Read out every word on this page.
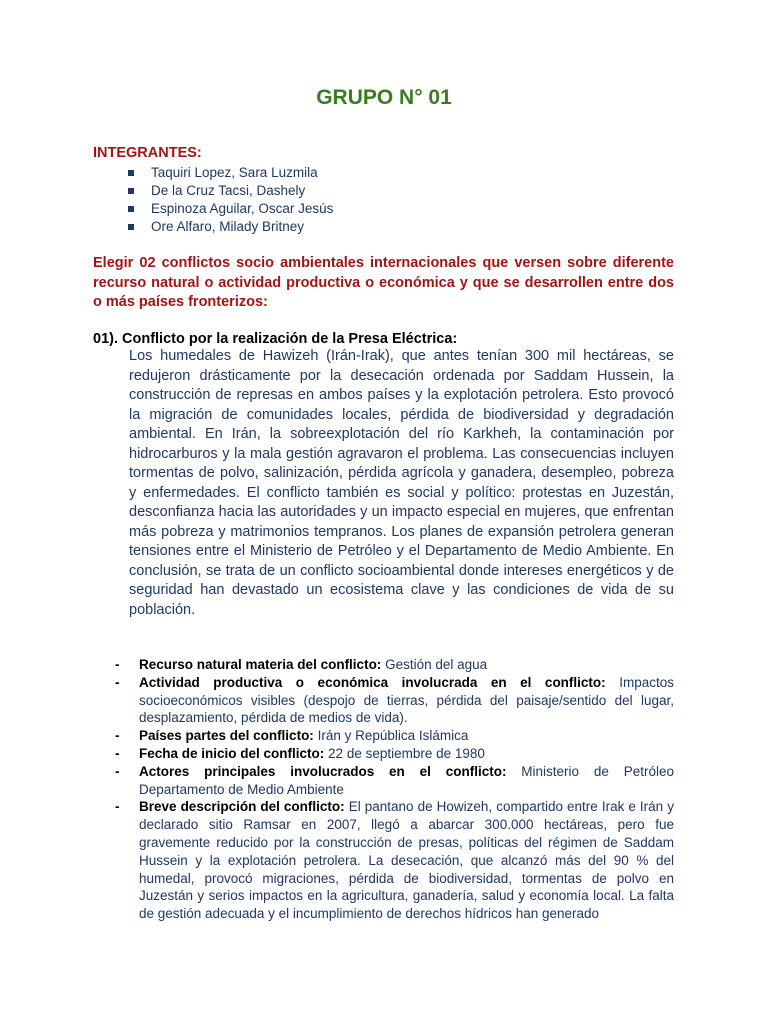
GRUPO N° 01
INTEGRANTES:
Taquiri Lopez, Sara Luzmila
De la Cruz Tacsi, Dashely
Espinoza Aguilar, Oscar Jesús
Ore Alfaro, Milady Britney

Elegir 02 conflictos socio ambientales internacionales que versen sobre diferente recurso natural o actividad productiva o económica y que se desarrollen entre dos o más países fronterizos:

01). Conflicto por la realización de la Presa Eléctrica:

Los humedales de Hawizeh (Irán-Irak), que antes tenían 300 mil hectáreas, se redujeron drásticamente por la desecación ordenada por Saddam Hussein, la construcción de represas en ambos países y la explotación petrolera. Esto provocó la migración de comunidades locales, pérdida de biodiversidad y degradación ambiental. En Irán, la sobreexplotación del río Karkheh, la contaminación por hidrocarburos y la mala gestión agravaron el problema. Las consecuencias incluyen tormentas de polvo, salinización, pérdida agrícola y ganadera, desempleo, pobreza y enfermedades. El conflicto también es social y político: protestas en Juzestán, desconfianza hacia las autoridades y un impacto especial en mujeres, que enfrentan más pobreza y matrimonios tempranos. Los planes de expansión petrolera generan tensiones entre el Ministerio de Petróleo y el Departamento de Medio Ambiente. En conclusión, se trata de un conflicto socioambiental donde intereses energéticos y de seguridad han devastado un ecosistema clave y las condiciones de vida de su población.

- Recurso natural materia del conflicto: Gestión del agua
- Actividad productiva o económica involucrada en el conflicto: Impactos socioeconómicos visibles (despojo de tierras, pérdida del paisaje/sentido del lugar, desplazamiento, pérdida de medios de vida).
- Países partes del conflicto: Irán y República Islámica
- Fecha de inicio del conflicto: 22 de septiembre de 1980
- Actores principales involucrados en el conflicto: Ministerio de Petróleo Departamento de Medio Ambiente
- Breve descripción del conflicto: El pantano de Howizeh, compartido entre Irak e Irán y declarado sitio Ramsar en 2007, llegó a abarcar 300.000 hectáreas, pero fue gravemente reducido por la construcción de presas, políticas del régimen de Saddam Hussein y la explotación petrolera. La desecación, que alcanzó más del 90 % del humedal, provocó migraciones, pérdida de biodiversidad, tormentas de polvo en Juzestán y serios impactos en la agricultura, ganadería, salud y economía local. La falta de gestión adecuada y el incumplimiento de derechos hídricos han generado
